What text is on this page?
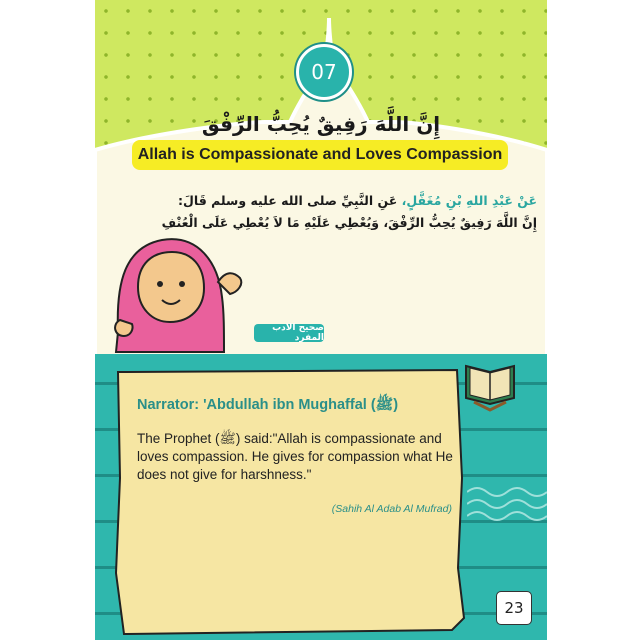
07
إِنَّ اللَّهَ رَفِيقٌ يُحِبُّ الرِّفْقَ
Allah is Compassionate and Loves Compassion
عَنْ عَبْدِ اللهِ بْنِ مُغَفَّلٍ، عَنِ النَّبِيِّ صلى الله عليه وسلم قَالَ:
إِنَّ اللَّهَ رَفِيقٌ يُحِبُّ الرِّفْقَ، وَيُعْطِي عَلَيْهِ مَا لاَ يُعْطِي عَلَى الْعُنْفِ
صحيح الادب المفرد
Narrator: 'Abdullah ibn Mughaffal (ﷺ)
The Prophet (ﷺ) said:"Allah is compassionate and loves compassion. He gives for compassion what He does not give for harshness."
(Sahih Al Adab Al Mufrad)
23
